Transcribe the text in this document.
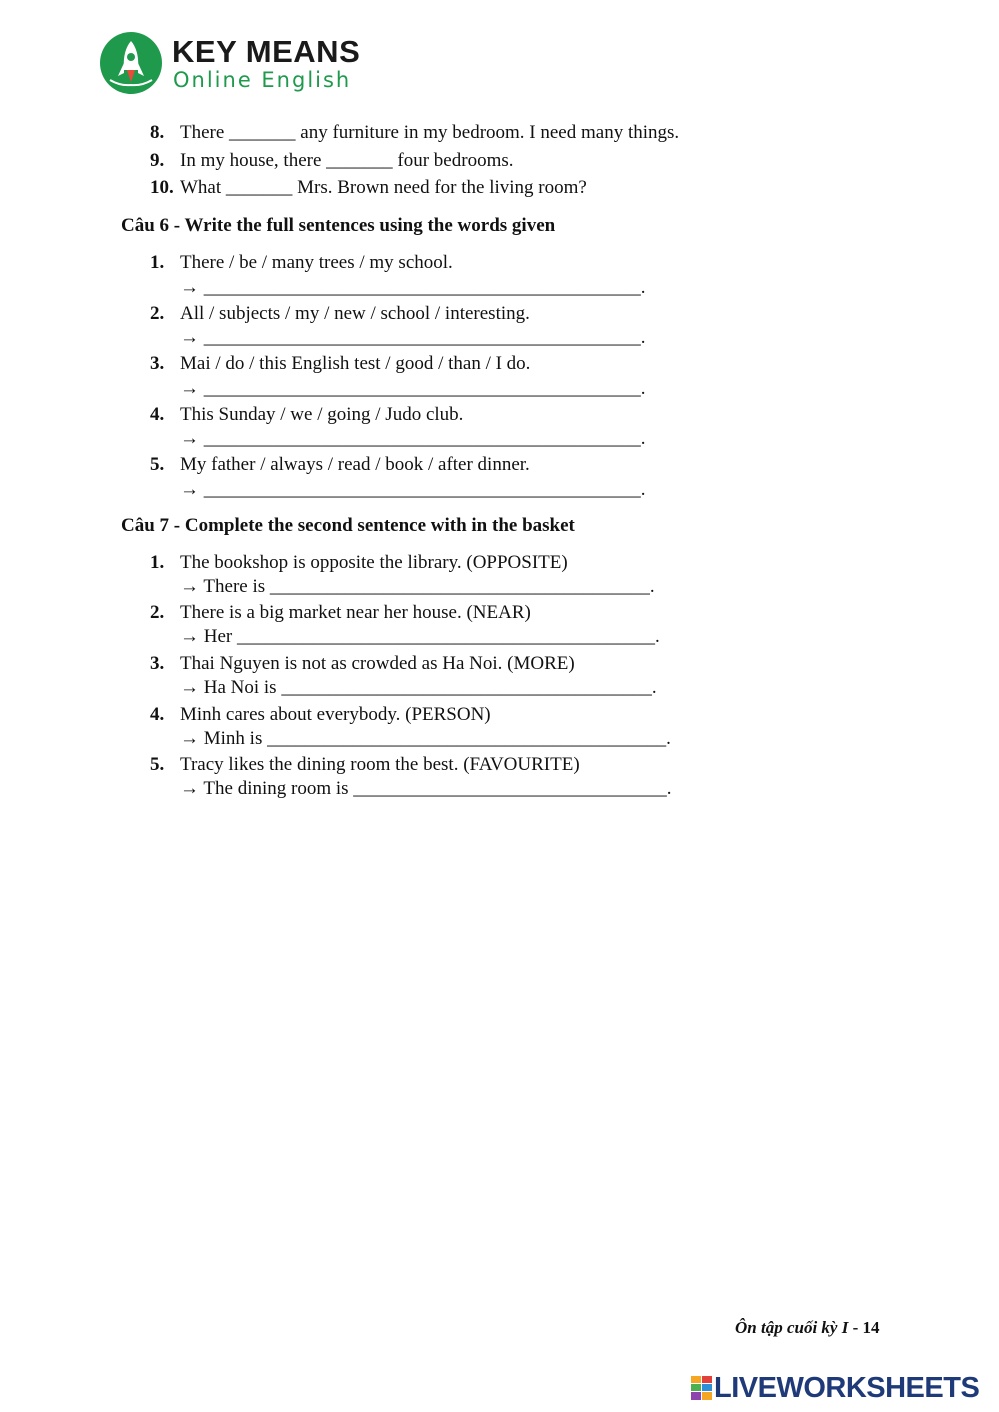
KEY MEANS
Online English
8. There _______ any furniture in my bedroom. I need many things.
9. In my house, there _______ four bedrooms.
10. What _______ Mrs. Brown need for the living room?
Câu 6 - Write the full sentences using the words given
1. There / be / many trees / my school.
→ ______________________________________________.
2. All / subjects / my / new / school / interesting.
→ ______________________________________________.
3. Mai / do / this English test / good / than / I do.
→ ______________________________________________.
4. This Sunday / we / going / Judo club.
→ ______________________________________________.
5. My father / always / read / book / after dinner.
→ ______________________________________________.
Câu 7 - Complete the second sentence with in the basket
1. The bookshop is opposite the library. (OPPOSITE)
→ There is ________________________________________.
2. There is a big market near her house. (NEAR)
→ Her ____________________________________________.
3. Thai Nguyen is not as crowded as Ha Noi. (MORE)
→ Ha Noi is _______________________________________.
4. Minh cares about everybody. (PERSON)
→ Minh is __________________________________________.
5. Tracy likes the dining room the best. (FAVOURITE)
→ The dining room is _________________________________.
Ôn tập cuối kỳ I - 14
LIVEWORKSHEETS
